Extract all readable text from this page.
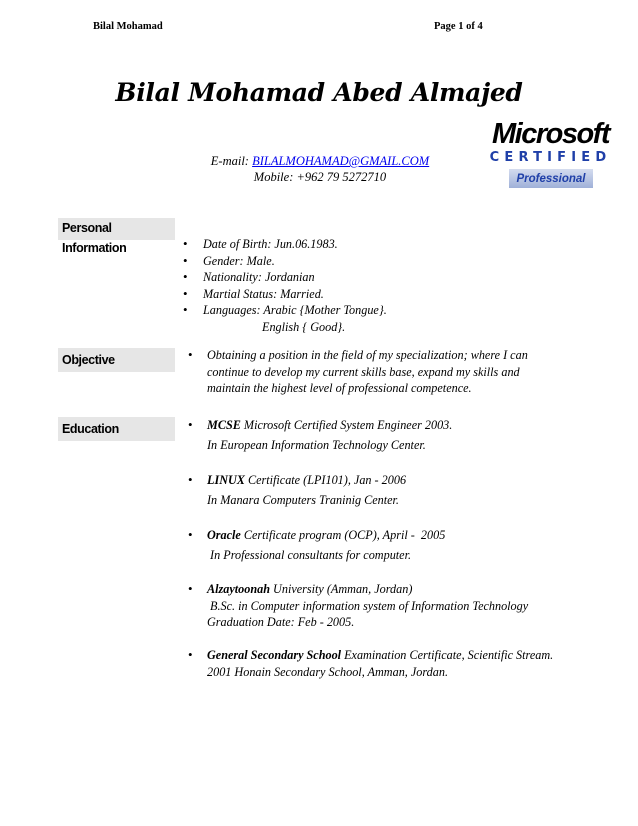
Bilal Mohamad	Page 1 of 4
Bilal Mohamad Abed Almajed
E-mail: BILALMOHAMAD@GMAIL.COM
Mobile: +962 79 5272710
Microsoft
CERTIFIED
Professional
Personal Information
•	Date of Birth: Jun.06.1983.
• Gender: Male.
• Nationality: Jordanian
• Martial Status: Married.
• Languages: Arabic {Mother Tongue}.
English { Good}.
Objective	• Obtaining a position in the field of my specialization; where I can
continue to develop my current skills base, expand my skills and
maintain the highest level of professional competence.
Education	• MCSE Microsoft Certified System Engineer 2003.
In European Information Technology Center.
• LINUX Certificate (LPI101), Jan - 2006
In Manara Computers Traninig Center.
• Oracle Certificate program (OCP), April -  2005
In Professional consultants for computer.
• Alzaytoonah University (Amman, Jordan)
B.Sc. in Computer information system of Information Technology
Graduation Date: Feb - 2005.
• General Secondary School Examination Certificate, Scientific Stream.
2001 Honain Secondary School, Amman, Jordan.
